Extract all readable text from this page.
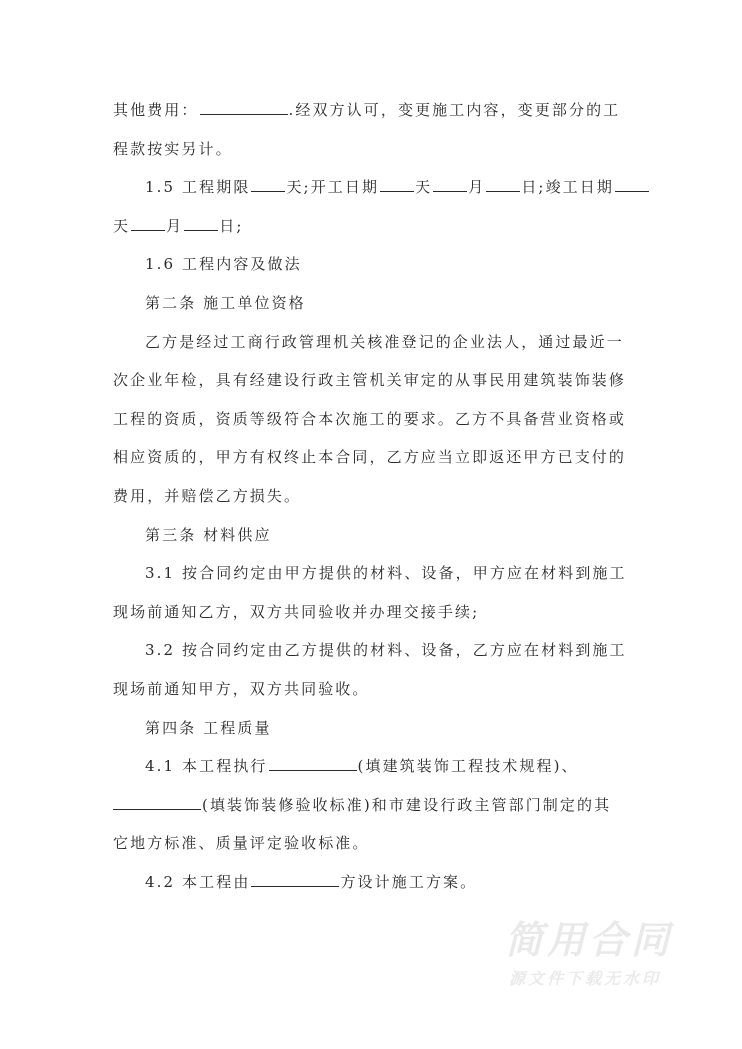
其他费用：	.经双方认可，变更施工内容，变更部分的工
程款按实另计。
1.5 工程期限 天;开工日期 天 月 日;竣工日期
天 月 日;
1.6 工程内容及做法
第二条 施工单位资格
乙方是经过工商行政管理机关核准登记的企业法人，通过最近一
次企业年检，具有经建设行政主管机关审定的从事民用建筑装饰装修
工程的资质，资质等级符合本次施工的要求。乙方不具备营业资格或
相应资质的，甲方有权终止本合同，乙方应当立即返还甲方已支付的
费用，并赔偿乙方损失。
第三条 材料供应
3.1 按合同约定由甲方提供的材料、设备，甲方应在材料到施工
现场前通知乙方，双方共同验收并办理交接手续;
3.2 按合同约定由乙方提供的材料、设备，乙方应在材料到施工
现场前通知甲方，双方共同验收。
第四条 工程质量
4.1 本工程执行	(填建筑装饰工程技术规程)、
(填装饰装修验收标准)和市建设行政主管部门制定的其
它地方标准、质量评定验收标准。
4.2 本工程由	方设计施工方案。
简用合同
源文件下载无水印
